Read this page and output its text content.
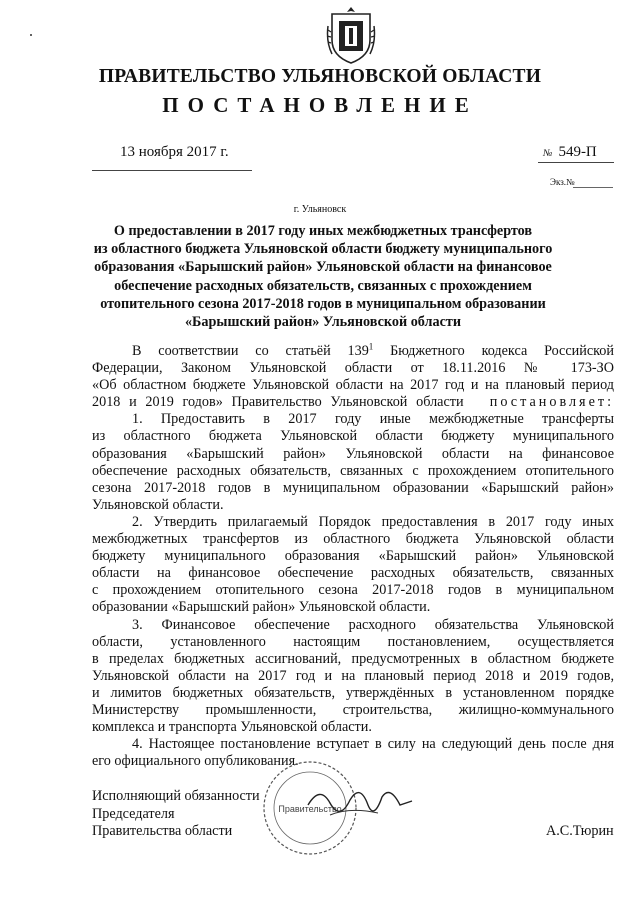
ПРАВИТЕЛЬСТВО УЛЬЯНОВСКОЙ ОБЛАСТИ
ПОСТАНОВЛЕНИЕ
13 ноября 2017 г.	№ 549-П
Экз.№
г. Ульяновск
О предоставлении в 2017 году иных межбюджетных трансфертов
из областного бюджета Ульяновской области бюджету муниципального
образования «Барышский район» Ульяновской области на финансовое
обеспечение расходных обязательств, связанных с прохождением
отопительного сезона 2017-2018 годов в муниципальном образовании
«Барышский район» Ульяновской области

В соответствии со статьёй $139^1$ Бюджетного кодекса Российской
Федерации, Законом Ульяновской области от 18.11.2016 № 173-ЗО
«Об областном бюджете Ульяновской области на 2017 год и на плановый период
2018 и 2019 годов» Правительство Ульяновской области постановляет:

1. Предоставить в 2017 году иные межбюджетные трансферты
из областного бюджета Ульяновской области бюджету муниципального
образования «Барышский район» Ульяновской области на финансовое
обеспечение расходных обязательств, связанных с прохождением отопительного
сезона 2017-2018 годов в муниципальном образовании «Барышский район»
Ульяновской области.

2. Утвердить прилагаемый Порядок предоставления в 2017 году иных
межбюджетных трансфертов из областного бюджета Ульяновской области
бюджету муниципального образования «Барышский район» Ульяновской
области на финансовое обеспечение расходных обязательств, связанных
с прохождением отопительного сезона 2017-2018 годов в муниципальном
образовании «Барышский район» Ульяновской области.

3. Финансовое обеспечение расходного обязательства Ульяновской
области, установленного настоящим постановлением, осуществляется
в пределах бюджетных ассигнований, предусмотренных в областном бюджете
Ульяновской области на 2017 год и на плановый период 2018 и 2019 годов,
и лимитов бюджетных обязательств, утверждённых в установленном порядке
Министерству промышленности, строительства, жилищно-коммунального
комплекса и транспорта Ульяновской области.

4. Настоящее постановление вступает в силу на следующий день после дня
его официального опубликования.

Правительство
Исполняющий обязанности
Председателя
Правительства области	А.С.Тюрин
